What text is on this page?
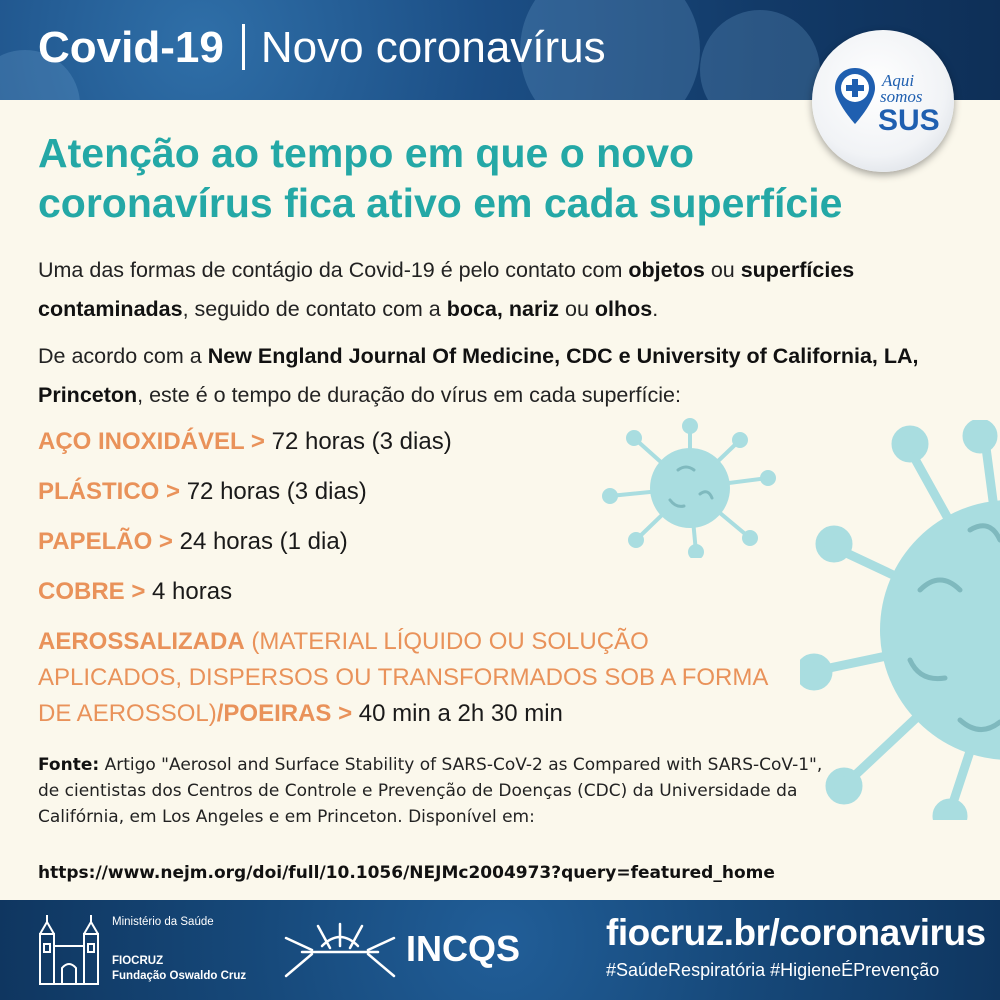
Covid-19 Novo coronavírus
Aqui
somos
SUS
Atenção ao tempo em que o novo
coronavírus fica ativo em cada superfície
Uma das formas de contágio da Covid-19 é pelo contato com objetos ou superfícies contaminadas, seguido de contato com a boca, nariz ou olhos.
De acordo com a New England Journal Of Medicine, CDC e University of California, LA, Princeton, este é o tempo de duração do vírus em cada superfície:
AÇO INOXIDÁVEL > 72 horas (3 dias)
PLÁSTICO > 72 horas (3 dias)
PAPELÃO > 24 horas (1 dia)
COBRE > 4 horas
AEROSSALIZADA (MATERIAL LÍQUIDO OU SOLUÇÃO APLICADOS, DISPERSOS OU TRANSFORMADOS SOB A FORMA DE AEROSSOL)/POEIRAS > 40 min a 2h 30 min
Fonte: Artigo "Aerosol and Surface Stability of SARS-CoV-2 as Compared with SARS-CoV-1", de cientistas dos Centros de Controle e Prevenção de Doenças (CDC) da Universidade da Califórnia, em Los Angeles e em Princeton. Disponível em:
https://www.nejm.org/doi/full/10.1056/NEJMc2004973?query=featured_home
Ministério da Saúde
FIOCRUZ
Fundação Oswaldo Cruz
INCQS fiocruz.br/coronavirus
#SaúdeRespiratória #HigieneÉPrevenção
